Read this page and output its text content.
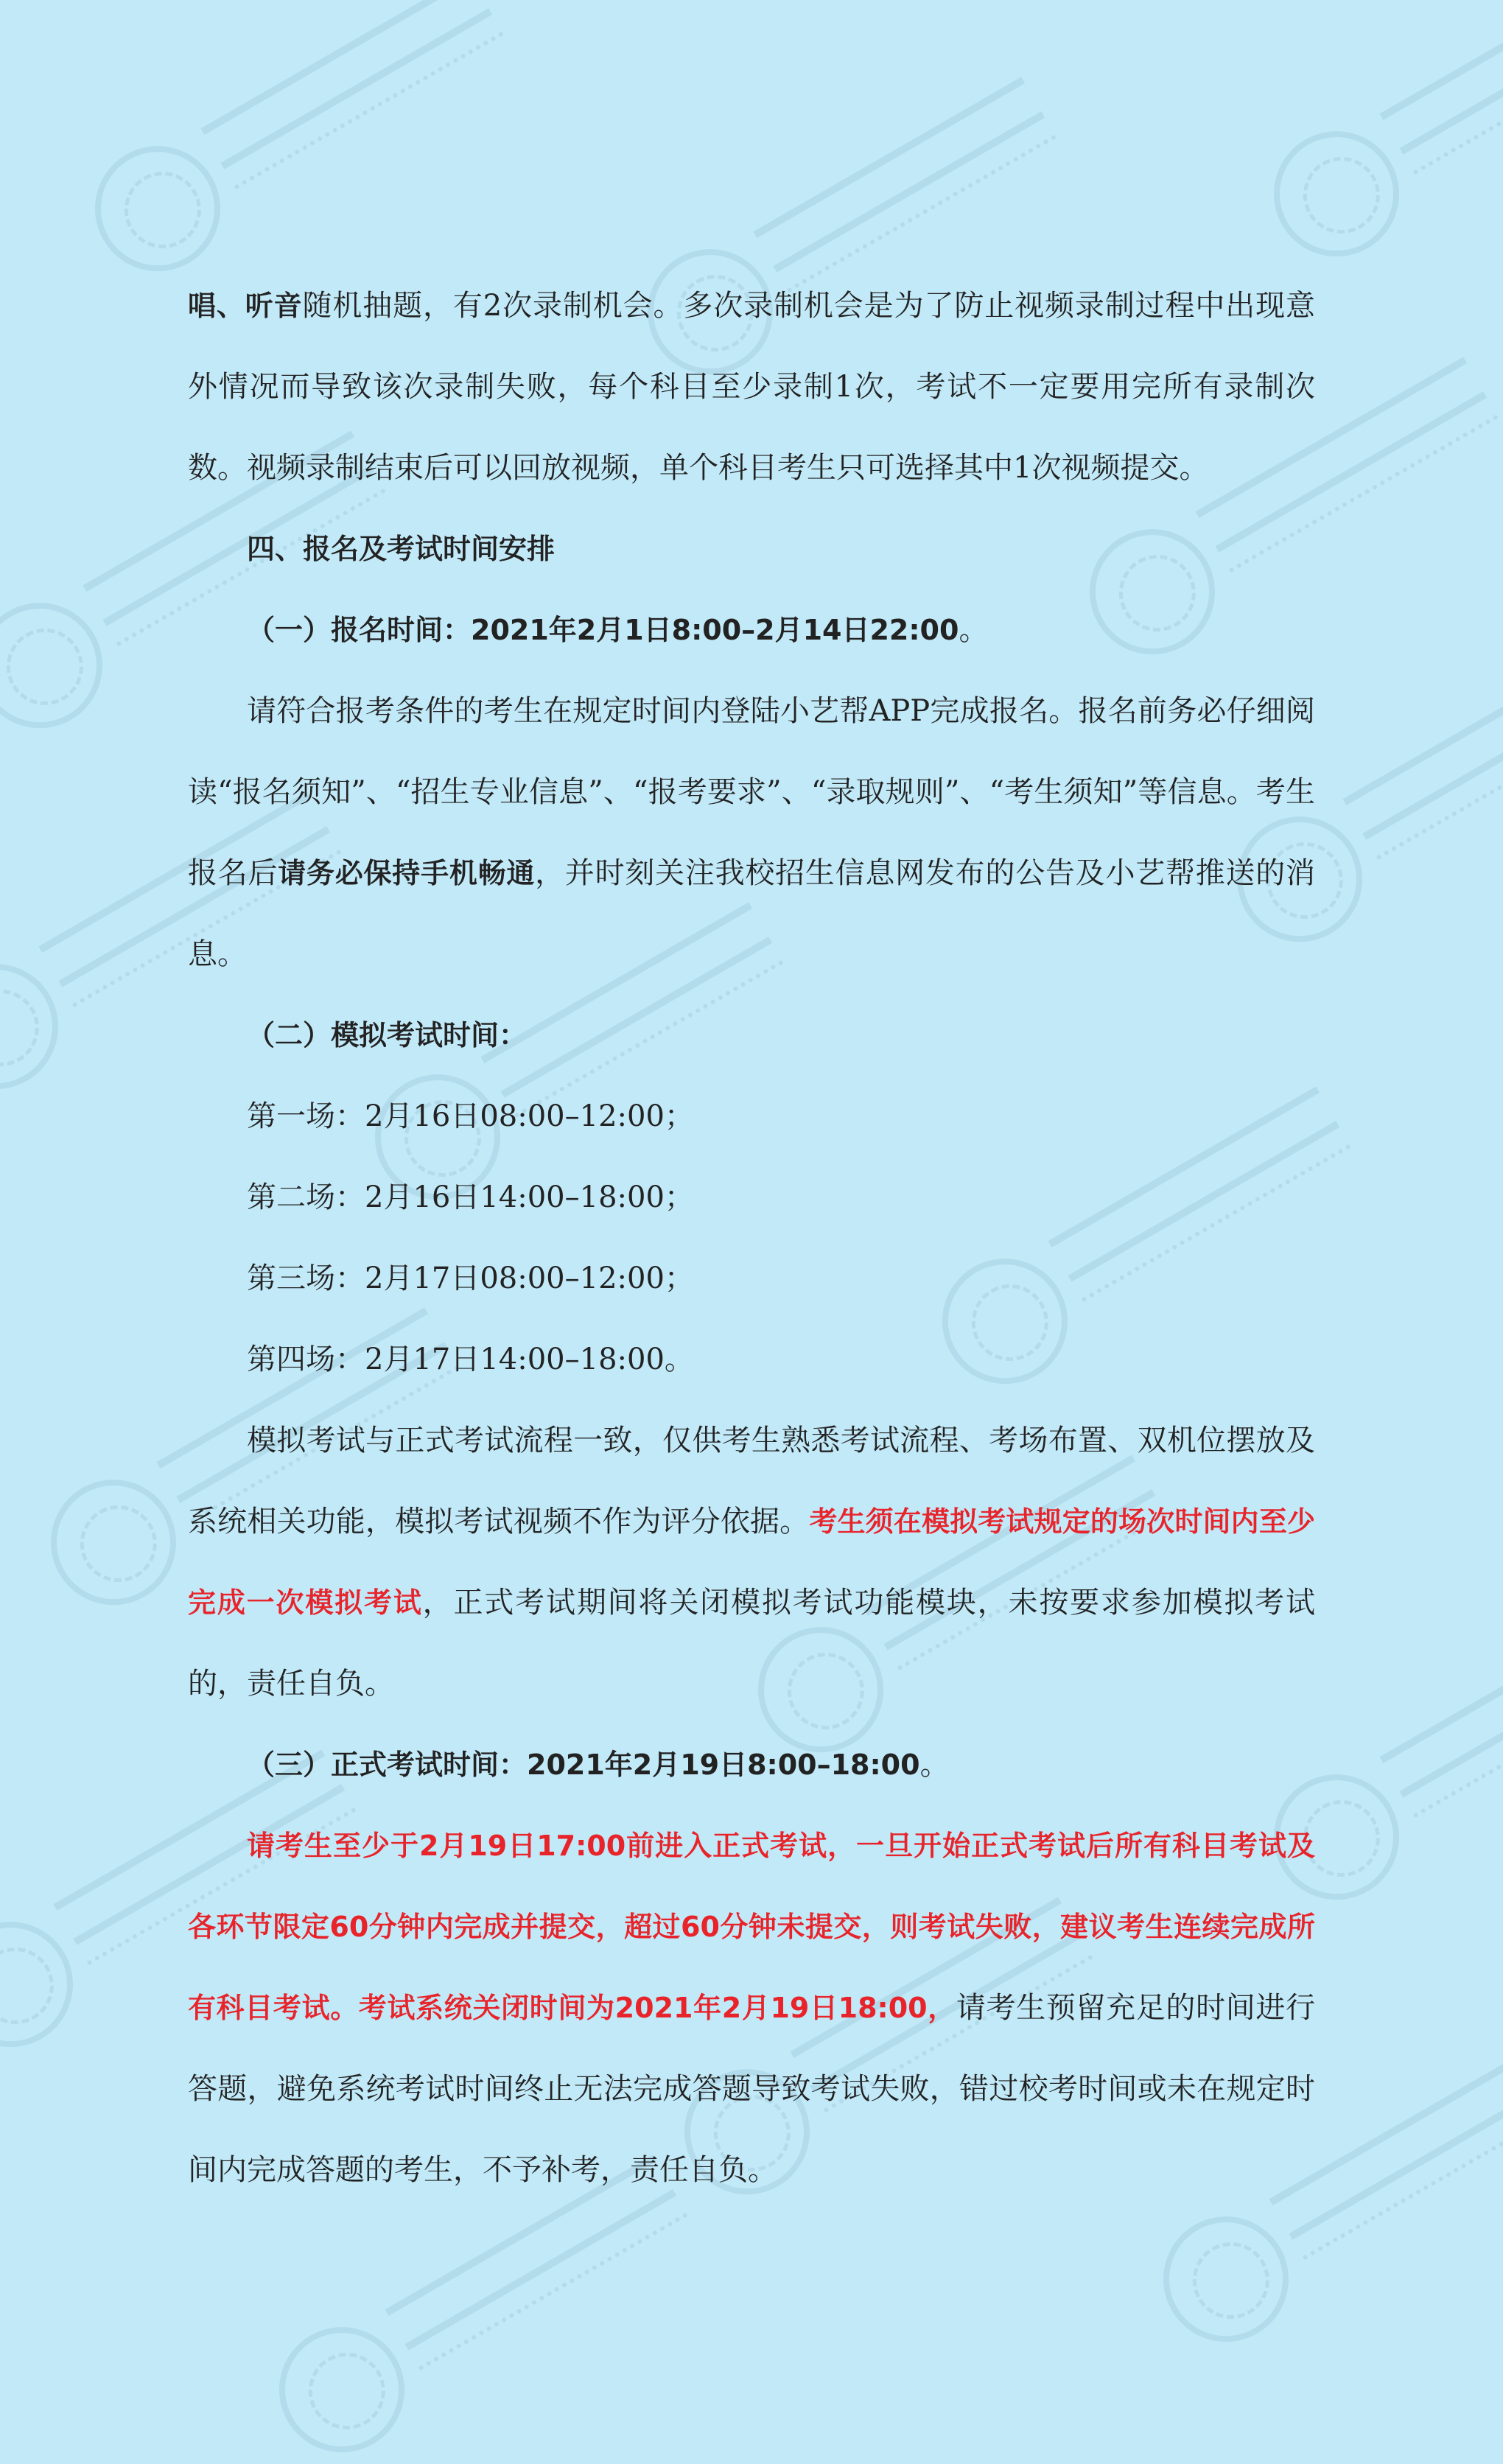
唱、听音随机抽题，有2次录制机会。多次录制机会是为了防止视频录制过程中出现意外情况而导致该次录制失败，每个科目至少录制1次，考试不一定要用完所有录制次数。视频录制结束后可以回放视频，单个科目考生只可选择其中1次视频提交。

四、报名及考试时间安排

（一）报名时间：2021年2月1日8:00–2月14日22:00。

请符合报考条件的考生在规定时间内登陆小艺帮APP完成报名。报名前务必仔细阅读“报名须知”、“招生专业信息”、“报考要求”、“录取规则”、“考生须知”等信息。考生报名后请务必保持手机畅通，并时刻关注我校招生信息网发布的公告及小艺帮推送的消息。

（二）模拟考试时间：

第一场：2月16日08:00–12:00；

第二场：2月16日14:00–18:00；

第三场：2月17日08:00–12:00；

第四场：2月17日14:00–18:00。

模拟考试与正式考试流程一致，仅供考生熟悉考试流程、考场布置、双机位摆放及系统相关功能，模拟考试视频不作为评分依据。考生须在模拟考试规定的场次时间内至少完成一次模拟考试，正式考试期间将关闭模拟考试功能模块，未按要求参加模拟考试的，责任自负。

（三）正式考试时间：2021年2月19日8:00–18:00。

请考生至少于2月19日17:00前进入正式考试，一旦开始正式考试后所有科目考试及各环节限定60分钟内完成并提交，超过60分钟未提交，则考试失败，建议考生连续完成所有科目考试。考试系统关闭时间为2021年2月19日18:00，请考生预留充足的时间进行答题，避免系统考试时间终止无法完成答题导致考试失败，错过校考时间或未在规定时间内完成答题的考生，不予补考，责任自负。
